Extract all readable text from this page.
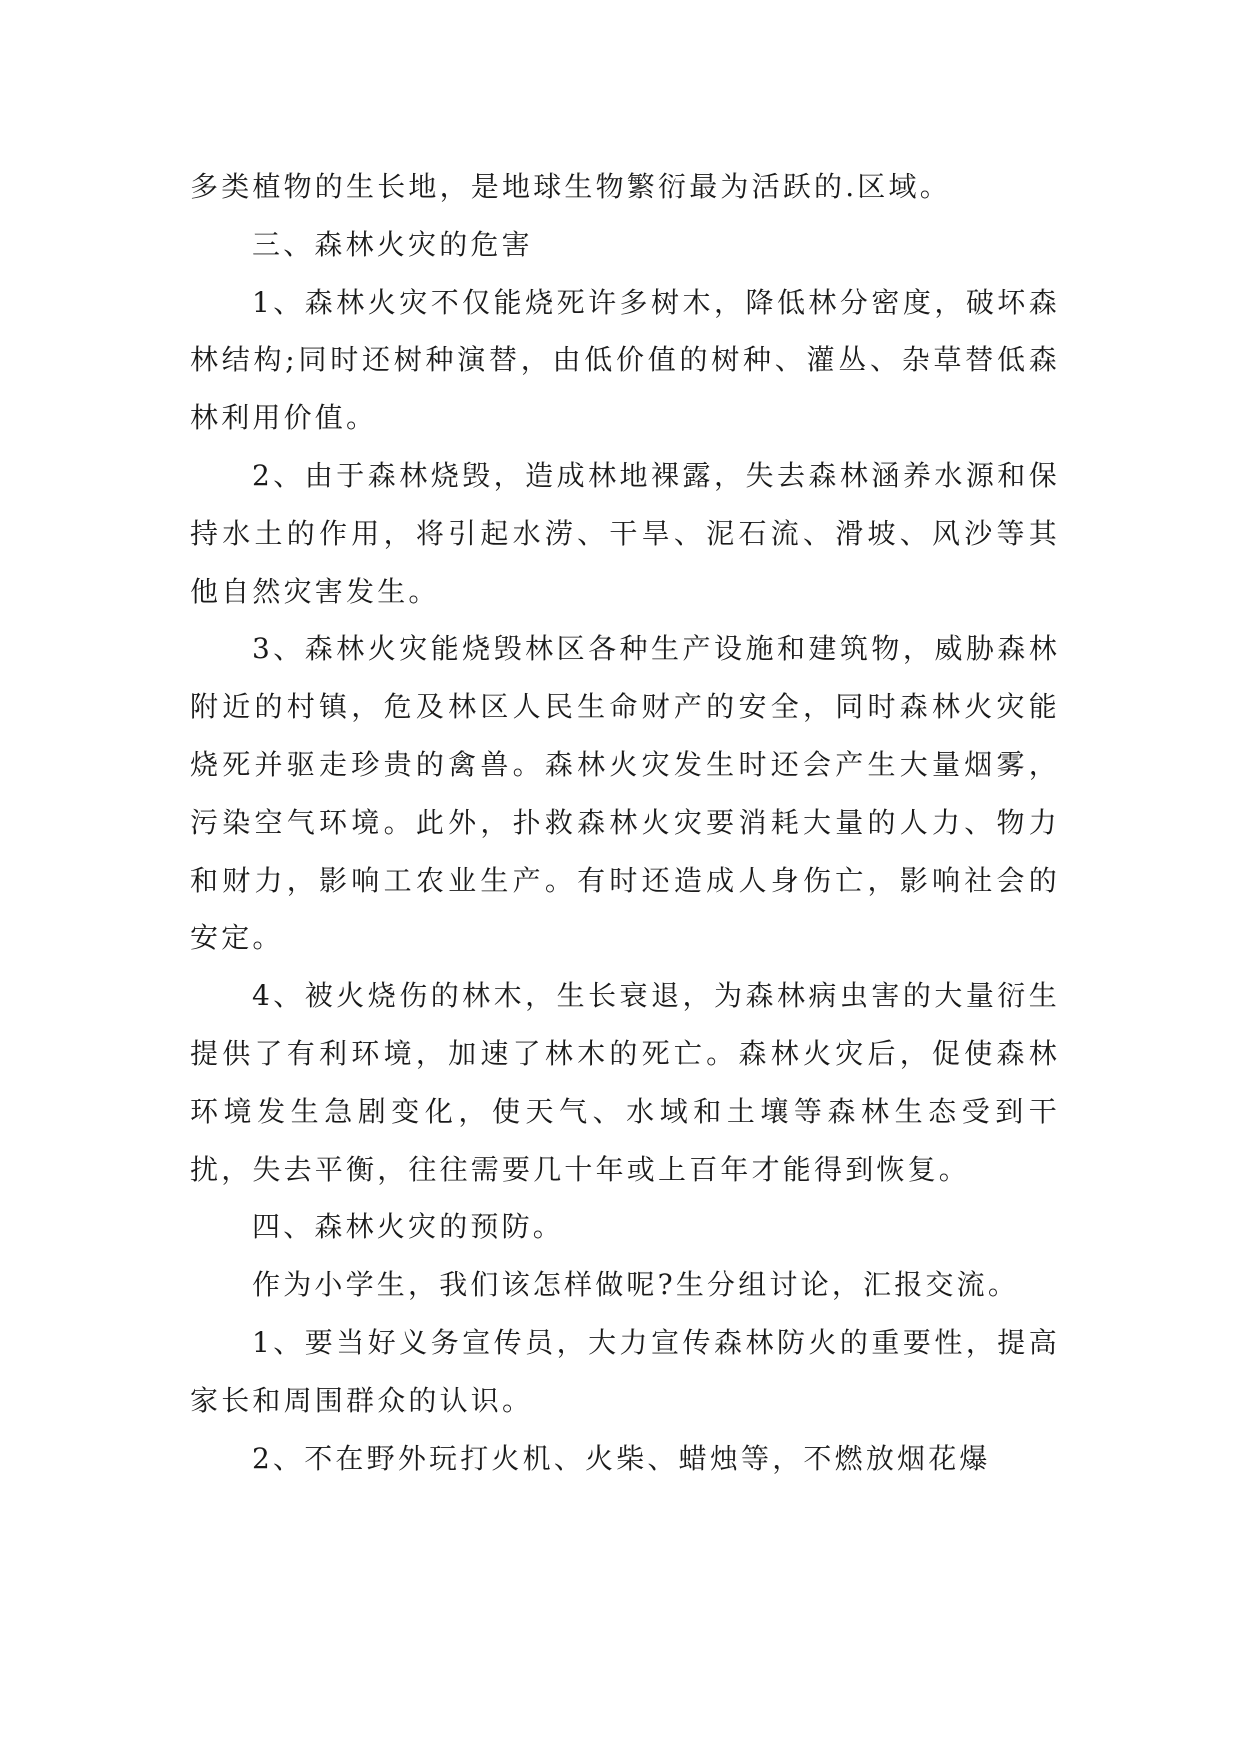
多类植物的生长地，是地球生物繁衍最为活跃的.区域。

三、森林火灾的危害

1、森林火灾不仅能烧死许多树木，降低林分密度，破坏森林结构;同时还树种演替，由低价值的树种、灌丛、杂草替低森林利用价值。

2、由于森林烧毁，造成林地裸露，失去森林涵养水源和保持水土的作用，将引起水涝、干旱、泥石流、滑坡、风沙等其他自然灾害发生。

3、森林火灾能烧毁林区各种生产设施和建筑物，威胁森林附近的村镇，危及林区人民生命财产的安全，同时森林火灾能烧死并驱走珍贵的禽兽。森林火灾发生时还会产生大量烟雾，污染空气环境。此外，扑救森林火灾要消耗大量的人力、物力和财力，影响工农业生产。有时还造成人身伤亡，影响社会的安定。

4、被火烧伤的林木，生长衰退，为森林病虫害的大量衍生提供了有利环境，加速了林木的死亡。森林火灾后，促使森林环境发生急剧变化，使天气、水域和土壤等森林生态受到干扰，失去平衡，往往需要几十年或上百年才能得到恢复。

四、森林火灾的预防。

作为小学生，我们该怎样做呢?生分组讨论，汇报交流。

1、要当好义务宣传员，大力宣传森林防火的重要性，提高家长和周围群众的认识。

2、不在野外玩打火机、火柴、蜡烛等，不燃放烟花爆
